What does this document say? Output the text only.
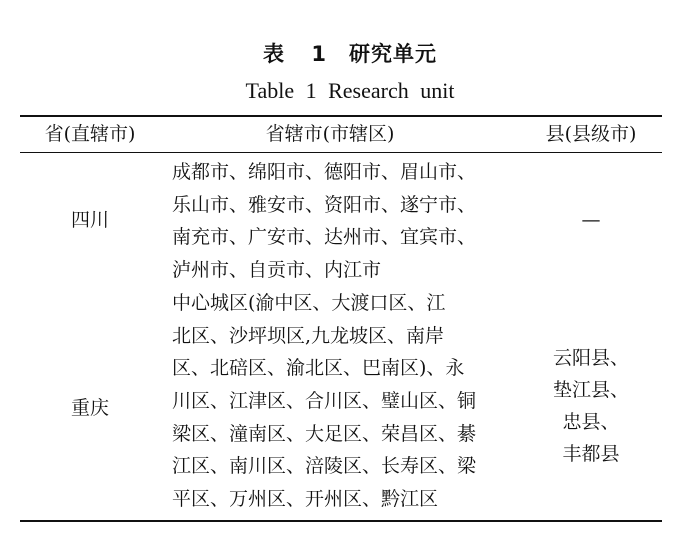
表 1　研究单元
Table 1 Research unit
省(直辖市)	省辖市(市辖区)	县(县级市)
四川
成都市、绵阳市、德阳市、眉山市、
乐山市、雅安市、资阳市、遂宁市、
南充市、广安市、达州市、宜宾市、
泸州市、自贡市、内江市
—
重庆
中心城区(渝中区、大渡口区、江
北区、沙坪坝区,九龙坡区、南岸
区、北碚区、渝北区、巴南区)、永
川区、江津区、合川区、璧山区、铜
梁区、潼南区、大足区、荣昌区、綦
江区、南川区、涪陵区、长寿区、梁
平区、万州区、开州区、黔江区
云阳县、
垫江县、
忠县、
丰都县
